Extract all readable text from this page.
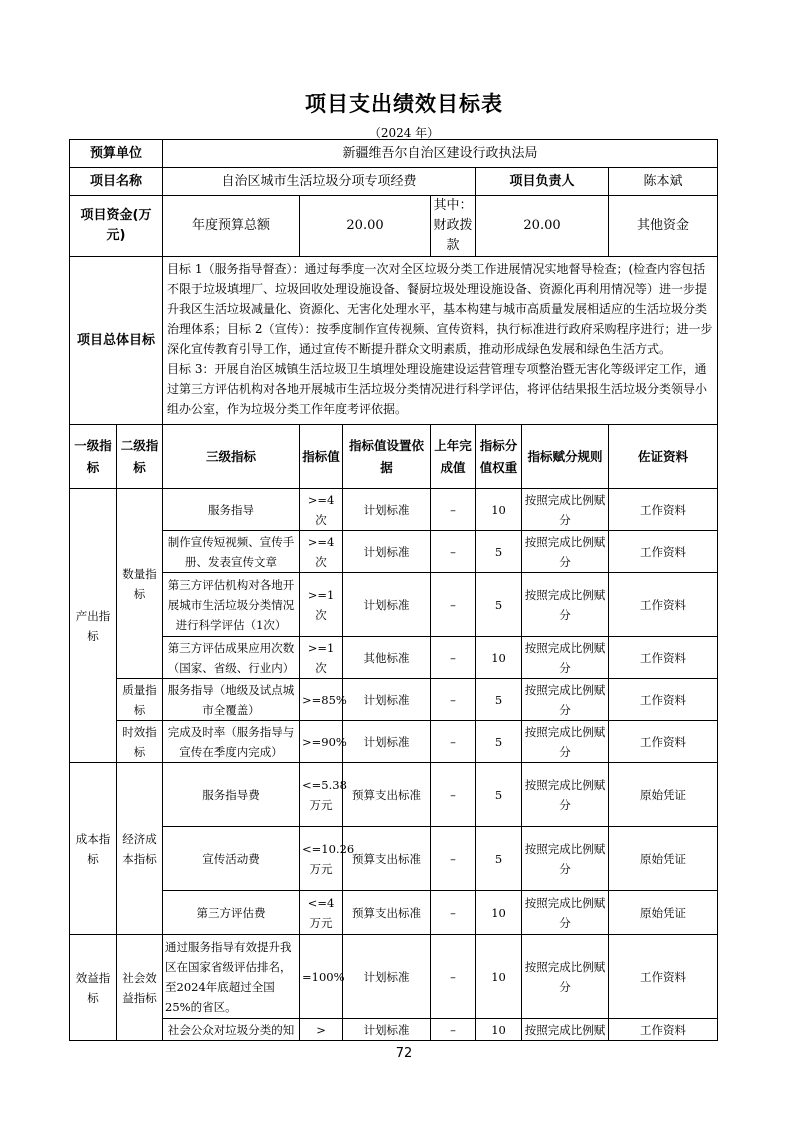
项目支出绩效目标表
（2024 年）
预算单位		新疆维吾尔自治区建设行政执法局							
项目名称		自治区城市生活垃圾分项专项经费				项目负责人		陈本斌	
项目资金(万元)		年度预算总额	20.00		其中：财政拨款	20.00		其他资金	
项目总体目标		目标 1（服务指导督查）：通过每季度一次对全区垃圾分类工作进展情况实地督导检查；(检查内容包括不限于垃圾填埋厂、垃圾回收处理设施设备、餐厨垃圾处理设施设备、资源化再利用情况等）进一步提升我区生活垃圾减量化、资源化、无害化处理水平，基本构建与城市高质量发展相适应的生活垃圾分类治理体系；目标 2（宣传）：按季度制作宣传视频、宣传资料，执行标准进行政府采购程序进行；进一步深化宣传教育引导工作，通过宣传不断提升群众文明素质，推动形成绿色发展和绿色生活方式。

目标 3：开展自治区城镇生活垃圾卫生填埋处理设施建设运营管理专项整治暨无害化等级评定工作，通过第三方评估机构对各地开展城市生活垃圾分类情况进行科学评估，将评估结果报生活垃圾分类领导小组办公室，作为垃圾分类工作年度考评依据。							

一级指标	二级指标	三级指标	指标值	指标值设置依据	上年完成值	指标分值权重	指标赋分规则	佐证资料	
产出指标	数量指标	服务指导	>=4次	计划标准	–	10	按照完成比例赋分	工作资料	
		制作宣传短视频、宣传手册、发表宣传文章	>=4次	计划标准	–	5	按照完成比例赋分	工作资料	
		第三方评估机构对各地开展城市生活垃圾分类情况进行科学评估（1次）	>=1次	计划标准	–	5	按照完成比例赋分	工作资料	
		第三方评估成果应用次数（国家、省级、行业内）	>=1次	其他标准	–	10	按照完成比例赋分	工作资料	
	质量指标	服务指导（地级及试点城市全覆盖）	>=85%	计划标准	–	5	按照完成比例赋分	工作资料	
	时效指标	完成及时率（服务指导与宣传在季度内完成）	>=90%	计划标准	–	5	按照完成比例赋分	工作资料	
成本指标	经济成本指标	服务指导费	<=5.38万元	预算支出标准	–	5	按照完成比例赋分	原始凭证	
		宣传活动费	<=10.26万元	预算支出标准	–	5	按照完成比例赋分	原始凭证	
		第三方评估费	<=4万元	预算支出标准	–	10	按照完成比例赋分	原始凭证	
效益指标	社会效益指标	通过服务指导有效提升我区在国家省级评估排名，至2024年底超过全国25%的省区。	=100%	计划标准	–	10	按照完成比例赋分	工作资料	
		社会公众对垃圾分类的知	>	计划标准	–	10	按照完成比例赋	工作资料	
72
